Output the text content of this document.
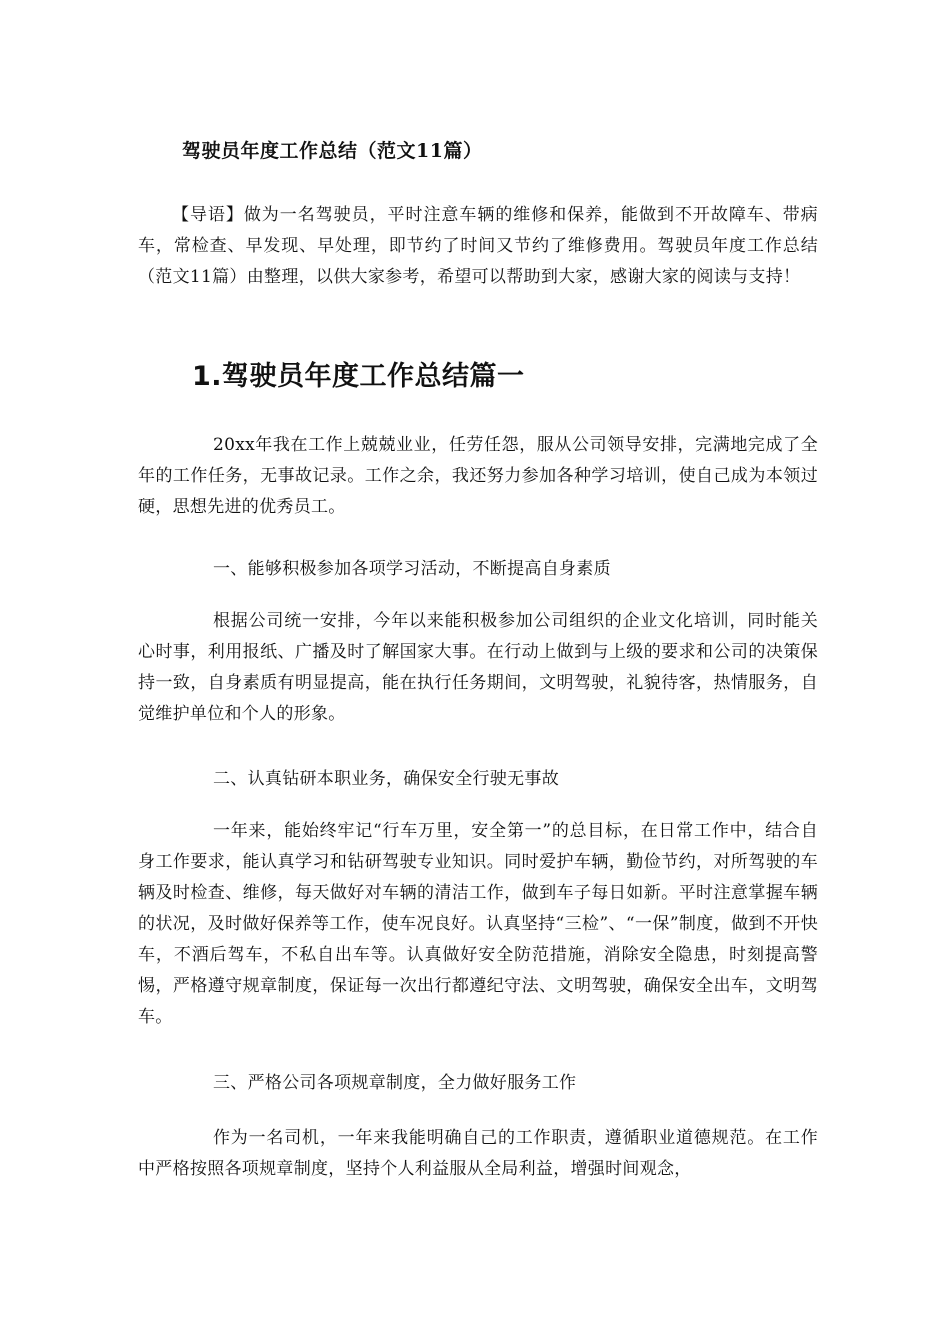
驾驶员年度工作总结（范文11篇）

【导语】做为一名驾驶员，平时注意车辆的维修和保养，能做到不开故障车、带病车，常检查、早发现、早处理，即节约了时间又节约了维修费用。驾驶员年度工作总结（范文11篇）由整理，以供大家参考，希望可以帮助到大家，感谢大家的阅读与支持！

1.驾驶员年度工作总结篇一

20xx年我在工作上兢兢业业，任劳任怨，服从公司领导安排，完满地完成了全年的工作任务，无事故记录。工作之余，我还努力参加各种学习培训，使自己成为本领过硬，思想先进的优秀员工。

一、能够积极参加各项学习活动，不断提高自身素质

根据公司统一安排，今年以来能积极参加公司组织的企业文化培训，同时能关心时事，利用报纸、广播及时了解国家大事。在行动上做到与上级的要求和公司的决策保持一致，自身素质有明显提高，能在执行任务期间，文明驾驶，礼貌待客，热情服务，自觉维护单位和个人的形象。

二、认真钻研本职业务，确保安全行驶无事故

一年来，能始终牢记“行车万里，安全第一”的总目标，在日常工作中，结合自身工作要求，能认真学习和钻研驾驶专业知识。同时爱护车辆，勤俭节约，对所驾驶的车辆及时检查、维修，每天做好对车辆的清洁工作，做到车子每日如新。平时注意掌握车辆的状况，及时做好保养等工作，使车况良好。认真坚持“三检”、“一保”制度，做到不开快车，不酒后驾车，不私自出车等。认真做好安全防范措施，消除安全隐患，时刻提高警惕，严格遵守规章制度，保证每一次出行都遵纪守法、文明驾驶，确保安全出车，文明驾车。

三、严格公司各项规章制度，全力做好服务工作

作为一名司机，一年来我能明确自己的工作职责，遵循职业道德规范。在工作中严格按照各项规章制度，坚持个人利益服从全局利益，增强时间观念，
